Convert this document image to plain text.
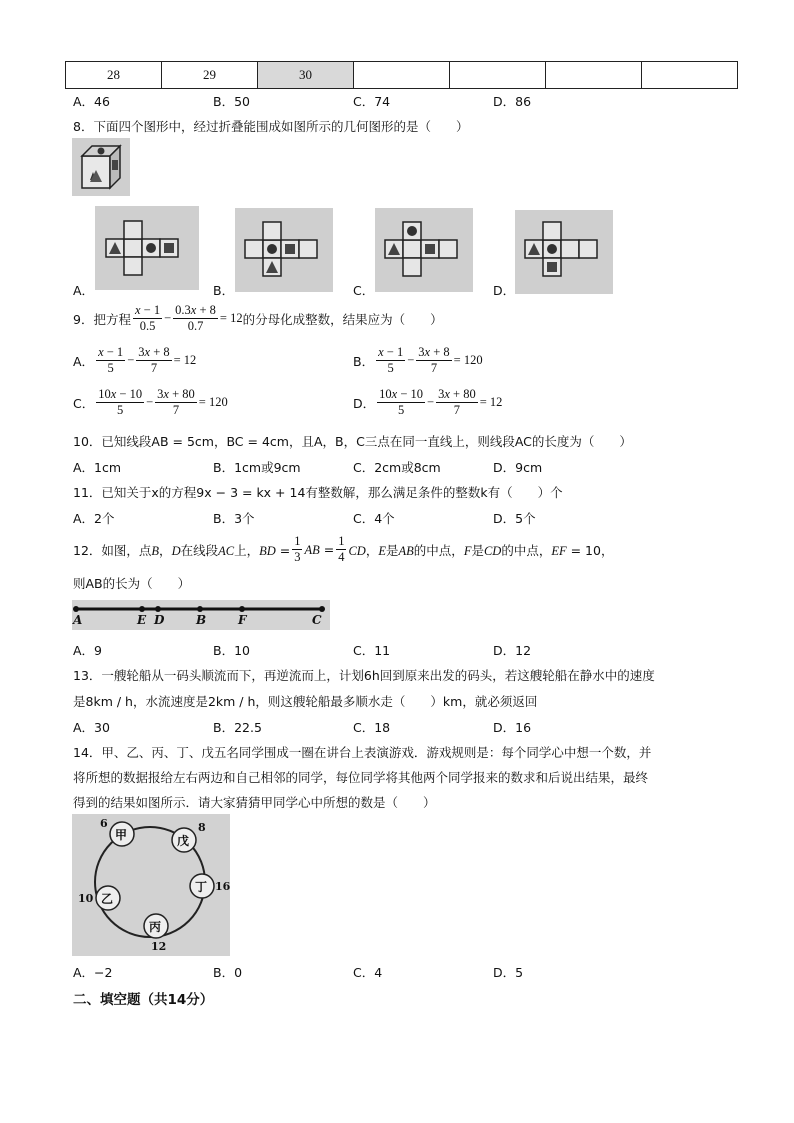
28	29	30				
A．46	B．50	C．74	D．86
8．下面四个图形中，经过折叠能围成如图所示的几何图形的是（　　）
A．	B．	C．	D．
9．把方程 $\frac{x - 1}{0.5} - \frac{0.3x + 8}{0.7} = 12$ 的分母化成整数，结果应为（　　）
A． $\frac{x - 1}{5} - \frac{3x + 8}{7} = 12$	B． $\frac{x - 1}{5} - \frac{3x + 8}{7} = 120$
C． $\frac{10x - 10}{5} - \frac{3x + 80}{7} = 120$	D． $\frac{10x - 10}{5} - \frac{3x + 80}{7} = 12$
10．已知线段AB = 5cm，BC = 4cm，且A，B，C三点在同一直线上，则线段AC的长度为（　　）
A．1cm	B．1cm或9cm	C．2cm或8cm	D．9cm
11．已知关于x的方程9x − 3 = kx + 14有整数解，那么满足条件的整数k有（　　）个
A．2个	B．3个	C．4个	D．5个
12．如图，点B，D在线段AC上，BD = $\frac{1}{3}$ AB = $\frac{1}{4}$ CD，E是AB的中点，F是CD的中点，EF = 10，
则AB的长为（　　）
A	E D	B	F	C
A．9	B．10	C．11	D．12
13．一艘轮船从一码头顺流而下，再逆流而上，计划6h回到原来出发的码头，若这艘轮船在静水中的速度
是8km / h，水流速度是2km / h，则这艘轮船最多顺水走（　　）km，就必须返回
A．30	B．22.5	C．18	D．16
14．甲、乙、丙、丁、戊五名同学围成一圈在讲台上表演游戏．游戏规则是：每个同学心中想一个数，并
将所想的数据报给左右两边和自己相邻的同学，每位同学将其他两个同学报来的数求和后说出结果，最终
得到的结果如图所示．请大家猜猜甲同学心中所想的数是（　　）
甲
6
戊
8
丁 16
丙
12
乙
10
A．−2	B．0	C．4	D．5
二、填空题（共14分）
